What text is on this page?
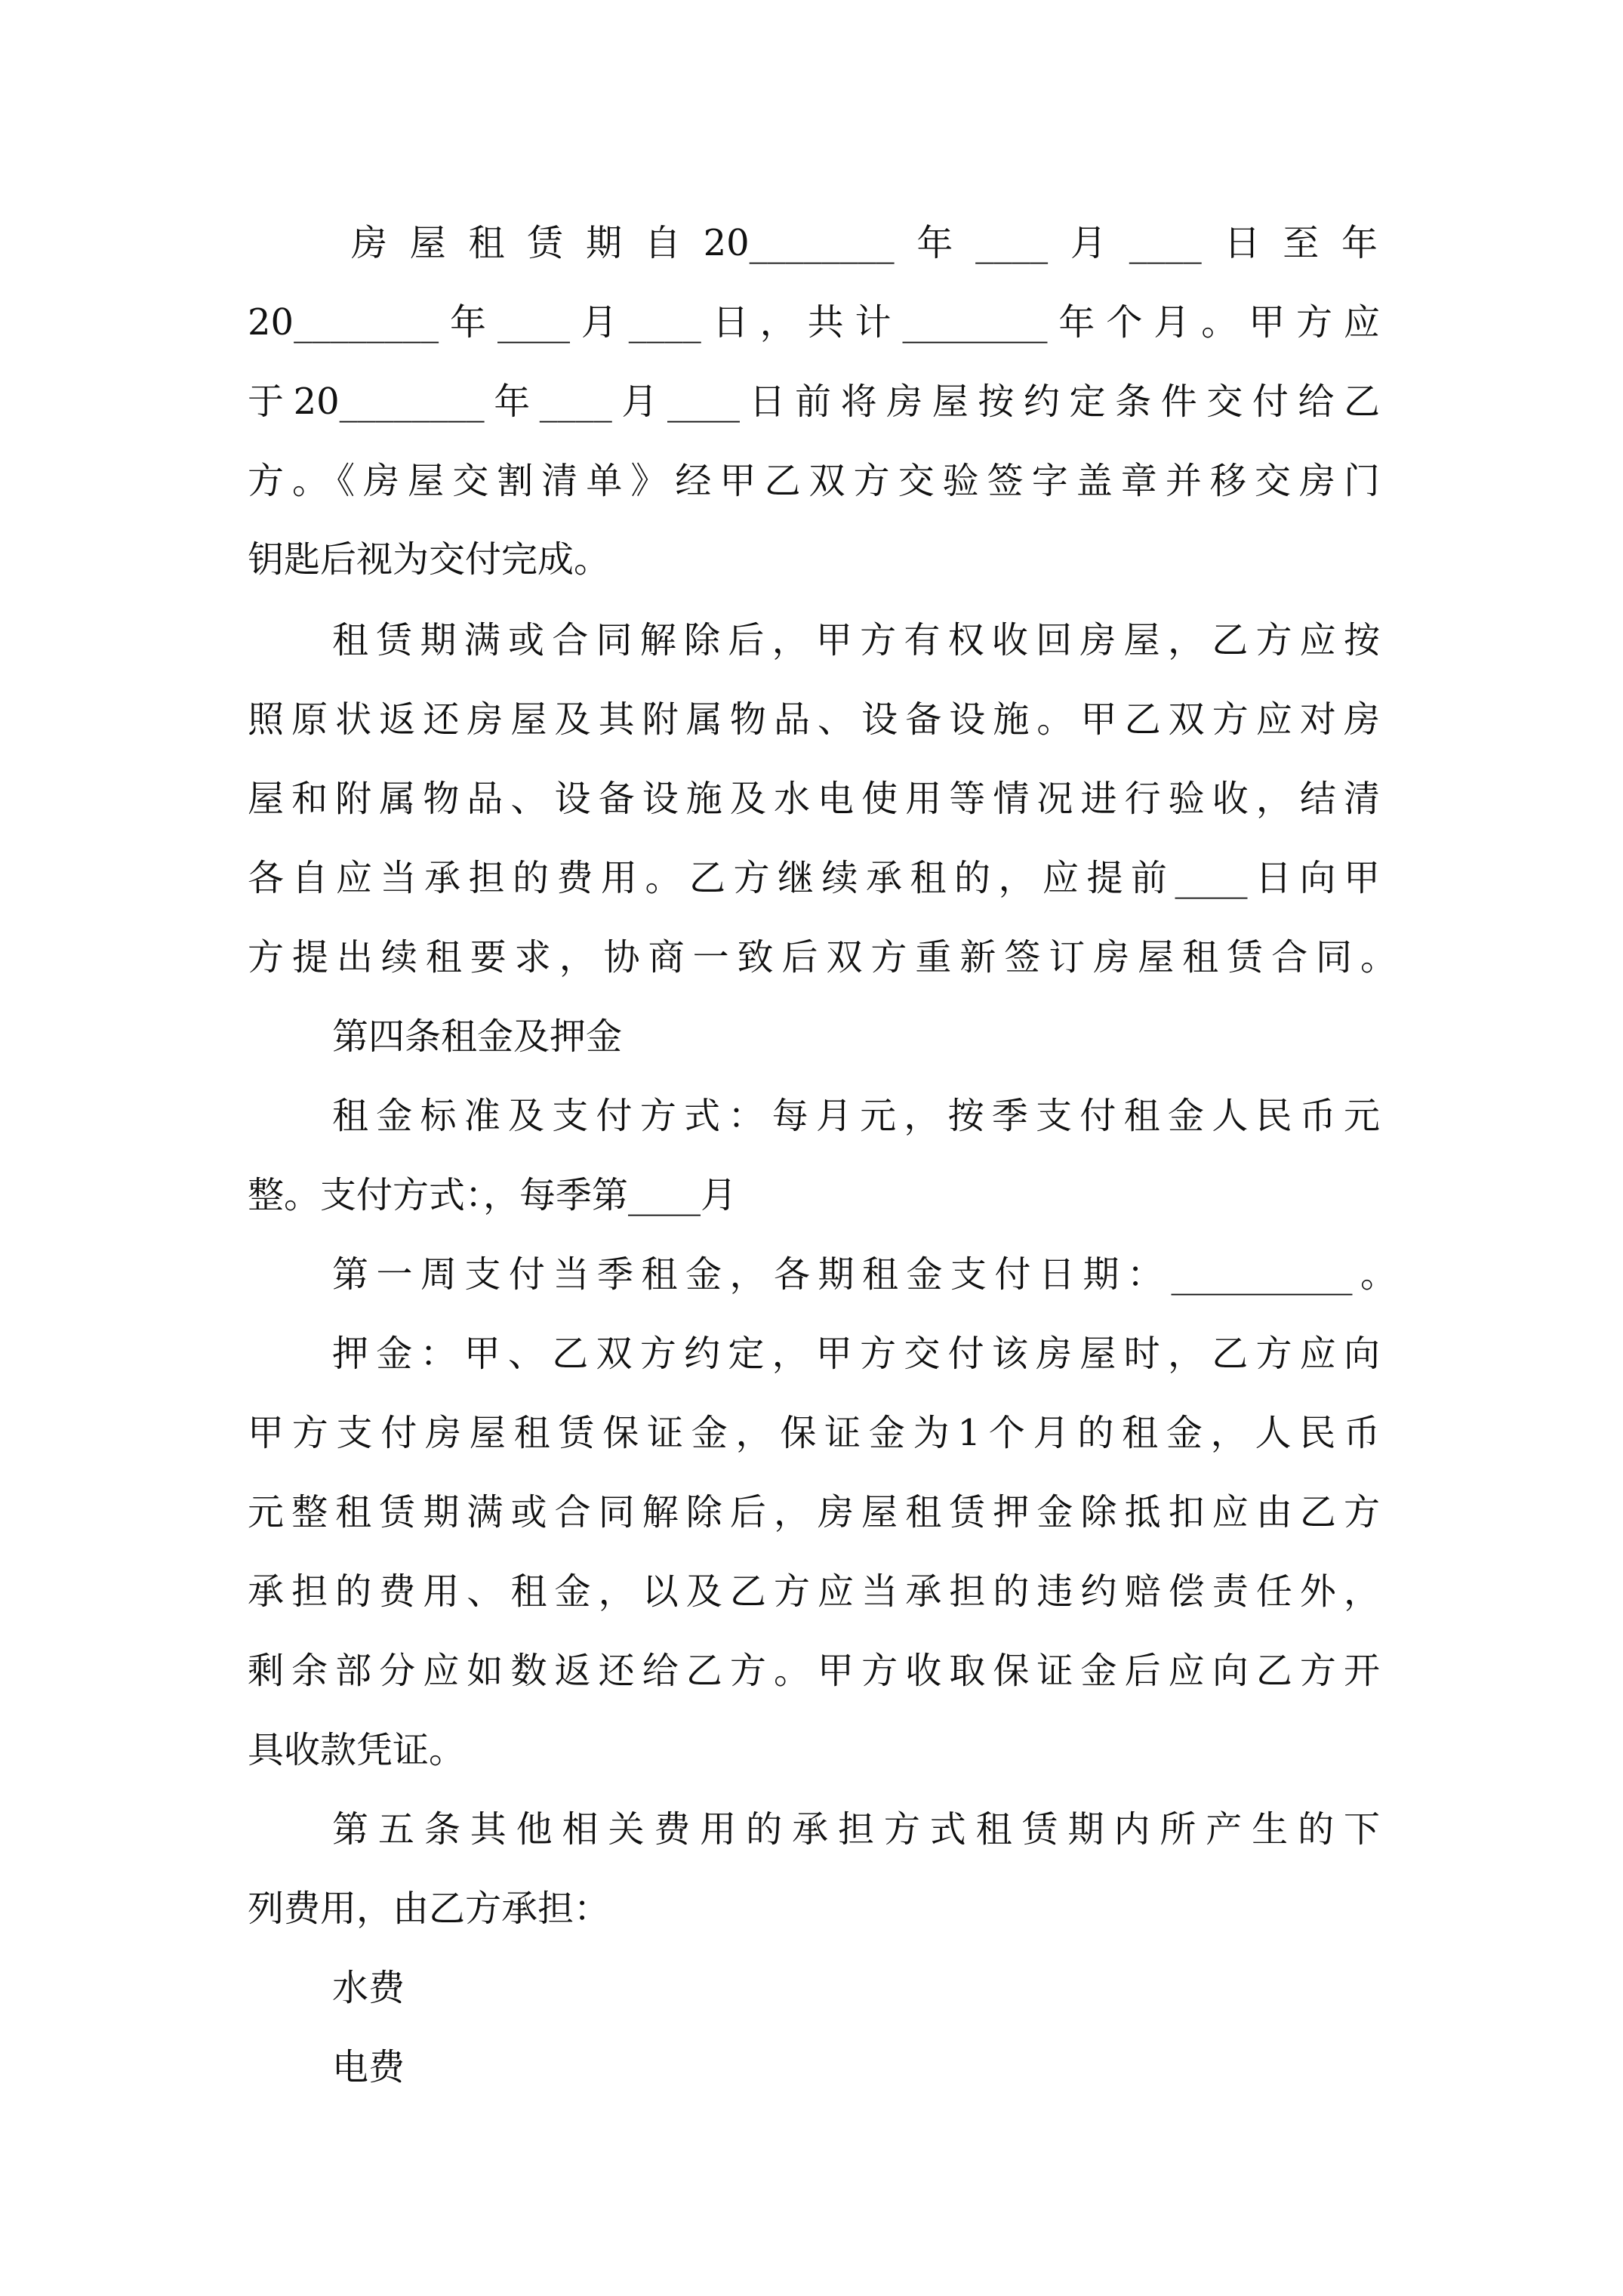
房屋租赁期自20________年____月____日至年
20________年____月____日，共计________年个月。甲方应
于20________年____月____日前将房屋按约定条件交付给乙
方。《房屋交割清单》经甲乙双方交验签字盖章并移交房门
钥匙后视为交付完成。
租赁期满或合同解除后，甲方有权收回房屋，乙方应按
照原状返还房屋及其附属物品、设备设施。甲乙双方应对房
屋和附属物品、设备设施及水电使用等情况进行验收，结清
各自应当承担的费用。乙方继续承租的，应提前____日向甲
方提出续租要求，协商一致后双方重新签订房屋租赁合同。
第四条租金及押金
租金标准及支付方式：每月元，按季支付租金人民币元
整。支付方式：，每季第____月
第一周支付当季租金，各期租金支付日期：__________。
押金：甲、乙双方约定，甲方交付该房屋时，乙方应向
甲方支付房屋租赁保证金，保证金为1个月的租金，人民币
元整租赁期满或合同解除后，房屋租赁押金除抵扣应由乙方
承担的费用、租金，以及乙方应当承担的违约赔偿责任外，
剩余部分应如数返还给乙方。甲方收取保证金后应向乙方开
具收款凭证。
第五条其他相关费用的承担方式租赁期内所产生的下
列费用，由乙方承担：
水费
电费
